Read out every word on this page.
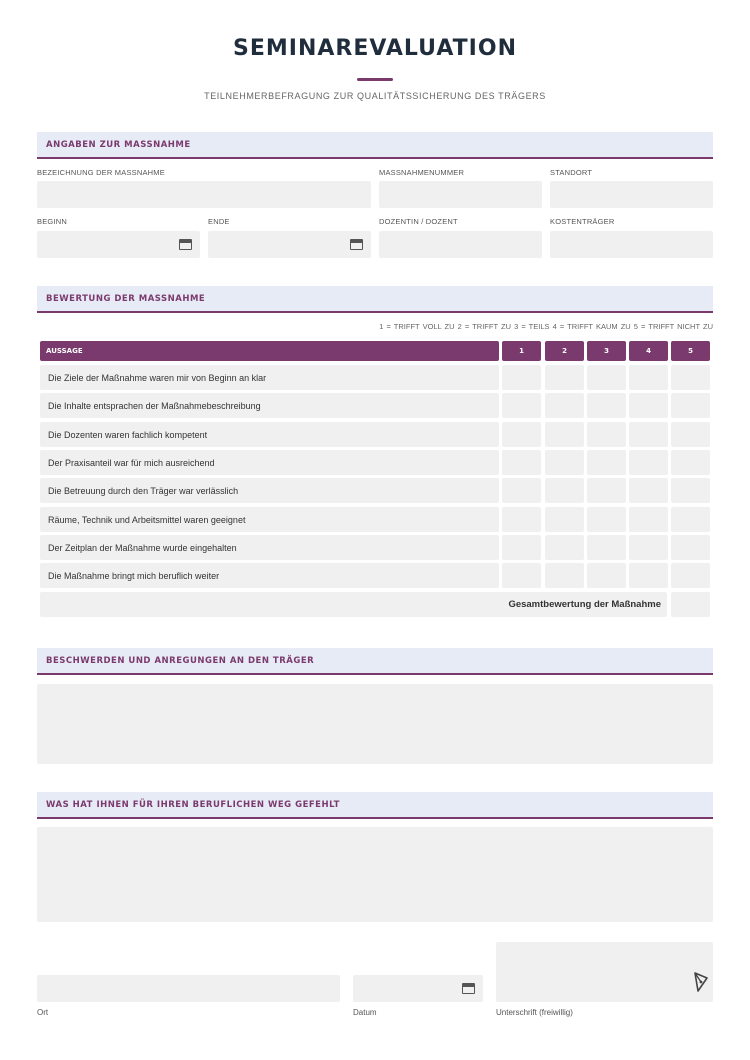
SEMINAREVALUATION
TEILNEHMERBEFRAGUNG ZUR QUALITÄTSSICHERUNG DES TRÄGERS
ANGABEN ZUR MASSNAHME
BEZEICHNUNG DER MASSNAHME	MASSNAHMENUMMER	STANDORT
BEGINN	ENDE	DOZENTIN / DOZENT	KOSTENTRÄGER
BEWERTUNG DER MASSNAHME
1 = TRIFFT VOLL ZU 2 = TRIFFT ZU 3 = TEILS 4 = TRIFFT KAUM ZU 5 = TRIFFT NICHT ZU
AUSSAGE	1	2	3	4	5
Die Ziele der Maßnahme waren mir von Beginn an klar
Die Inhalte entsprachen der Maßnahmebeschreibung
Die Dozenten waren fachlich kompetent
Der Praxisanteil war für mich ausreichend
Die Betreuung durch den Träger war verlässlich
Räume, Technik und Arbeitsmittel waren geeignet
Der Zeitplan der Maßnahme wurde eingehalten
Die Maßnahme bringt mich beruflich weiter
Gesamtbewertung der Maßnahme
BESCHWERDEN UND ANREGUNGEN AN DEN TRÄGER
WAS HAT IHNEN FÜR IHREN BERUFLICHEN WEG GEFEHLT
Ort	Datum	Unterschrift (freiwillig)
